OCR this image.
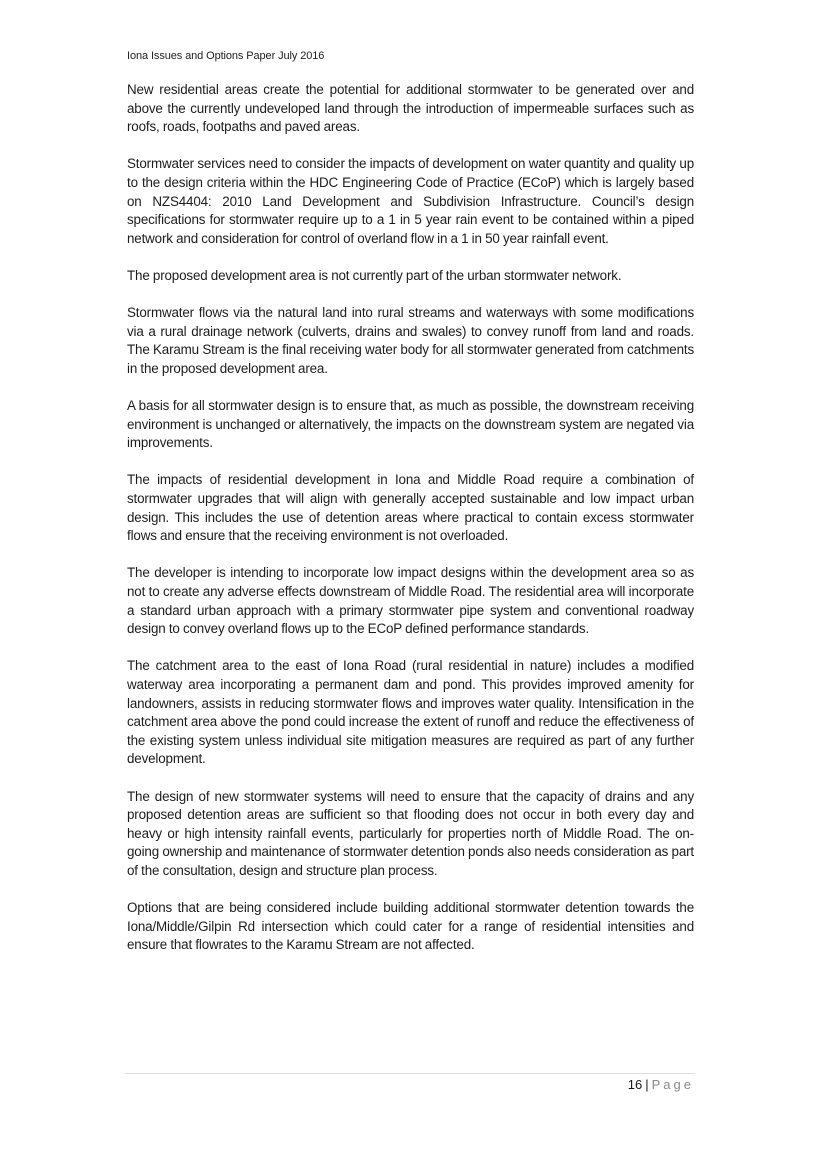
Iona Issues and Options Paper July 2016

New residential areas create the potential for additional stormwater to be generated over and above the currently undeveloped land through the introduction of impermeable surfaces such as roofs, roads, footpaths and paved areas.

Stormwater services need to consider the impacts of development on water quantity and quality up to the design criteria within the HDC Engineering Code of Practice (ECoP) which is largely based on NZS4404: 2010 Land Development and Subdivision Infrastructure. Council’s design specifications for stormwater require up to a 1 in 5 year rain event to be contained within a piped network and consideration for control of overland flow in a 1 in 50 year rainfall event.

The proposed development area is not currently part of the urban stormwater network.

Stormwater flows via the natural land into rural streams and waterways with some modifications via a rural drainage network (culverts, drains and swales) to convey runoff from land and roads. The Karamu Stream is the final receiving water body for all stormwater generated from catchments in the proposed development area.

A basis for all stormwater design is to ensure that, as much as possible, the downstream receiving environment is unchanged or alternatively, the impacts on the downstream system are negated via improvements.

The impacts of residential development in Iona and Middle Road require a combination of stormwater upgrades that will align with generally accepted sustainable and low impact urban design. This includes the use of detention areas where practical to contain excess stormwater flows and ensure that the receiving environment is not overloaded.

The developer is intending to incorporate low impact designs within the development area so as not to create any adverse effects downstream of Middle Road. The residential area will incorporate a standard urban approach with a primary stormwater pipe system and conventional roadway design to convey overland flows up to the ECoP defined performance standards.

The catchment area to the east of Iona Road (rural residential in nature) includes a modified waterway area incorporating a permanent dam and pond. This provides improved amenity for landowners, assists in reducing stormwater flows and improves water quality. Intensification in the catchment area above the pond could increase the extent of runoff and reduce the effectiveness of the existing system unless individual site mitigation measures are required as part of any further development.

The design of new stormwater systems will need to ensure that the capacity of drains and any proposed detention areas are sufficient so that flooding does not occur in both every day and heavy or high intensity rainfall events, particularly for properties north of Middle Road. The on-going ownership and maintenance of stormwater detention ponds also needs consideration as part of the consultation, design and structure plan process.

Options that are being considered include building additional stormwater detention towards the Iona/Middle/Gilpin Rd intersection which could cater for a range of residential intensities and ensure that flowrates to the Karamu Stream are not affected.

16 | Page
